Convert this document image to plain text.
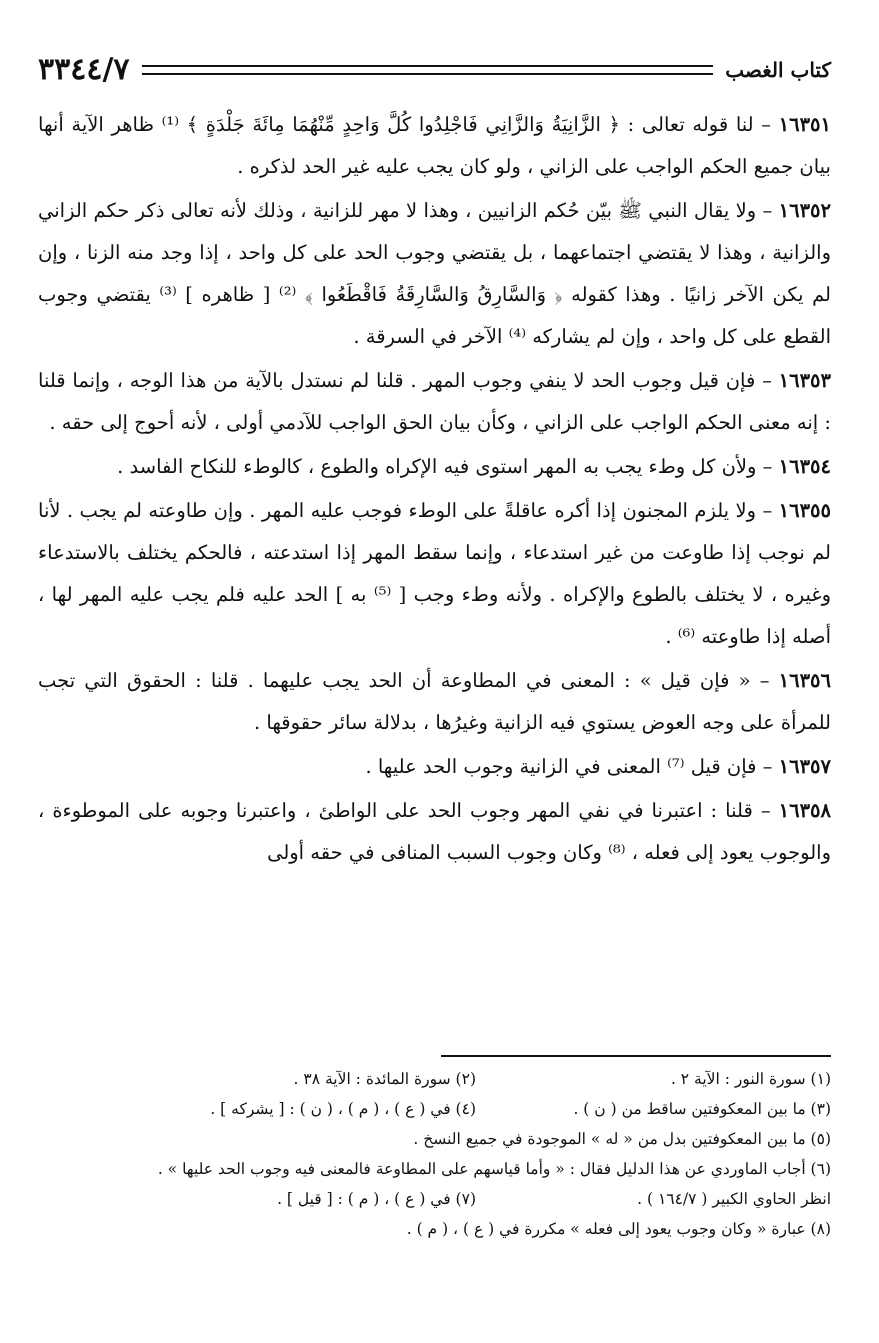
كتاب الغصب
٣٣٤٤/٧

١٦٣٥١ – لنا قوله تعالى : ﴿ الزَّانِيَةُ وَالزَّانِي فَاجْلِدُوا كُلَّ وَاحِدٍ مِّنْهُمَا مِائَةَ جَلْدَةٍ ﴾ ⁽¹⁾ ظاهر الآية أنها بيان جميع الحكم الواجب على الزاني ، ولو كان يجب عليه غير الحد لذكره .

١٦٣٥٢ – ولا يقال النبي ﷺ بيّن حُكم الزانيين ، وهذا لا مهر للزانية ، وذلك لأنه تعالى ذكر حكم الزاني والزانية ، وهذا لا يقتضي اجتماعهما ، بل يقتضي وجوب الحد على كل واحد ، إذا وجد منه الزنا ، وإن لم يكن الآخر زانيًا . وهذا كقوله ﴿ وَالسَّارِقُ وَالسَّارِقَةُ فَاقْطَعُوا ﴾ ⁽²⁾ [ ظاهره ] ⁽³⁾ يقتضي وجوب القطع على كل واحد ، وإن لم يشاركه ⁽⁴⁾ الآخر في السرقة .

١٦٣٥٣ – فإن قيل وجوب الحد لا ينفي وجوب المهر . قلنا لم نستدل بالآية من هذا الوجه ، وإنما قلنا : إنه معنى الحكم الواجب على الزاني ، وكأن بيان الحق الواجب للآدمي أولى ، لأنه أحوج إلى حقه .

١٦٣٥٤ – ولأن كل وطء يجب به المهر استوى فيه الإكراه والطوع ، كالوطء للنكاح الفاسد .

١٦٣٥٥ – ولا يلزم المجنون إذا أكره عاقلةً على الوطء فوجب عليه المهر . وإن طاوعته لم يجب . لأنا لم نوجب إذا طاوعت من غير استدعاء ، وإنما سقط المهر إذا استدعته ، فالحكم يختلف بالاستدعاء وغيره ، لا يختلف بالطوع والإكراه . ولأنه وطء وجب [ ⁽⁵⁾ به ] الحد عليه فلم يجب عليه المهر لها ، أصله إذا طاوعته ⁽⁶⁾ .

١٦٣٥٦ – « فإن قيل » : المعنى في المطاوعة أن الحد يجب عليهما . قلنا : الحقوق التي تجب للمرأة على وجه العوض يستوي فيه الزانية وغيرُها ، بدلالة سائر حقوقها .

١٦٣٥٧ – فإن قيل ⁽⁷⁾ المعنى في الزانية وجوب الحد عليها .

١٦٣٥٨ – قلنا : اعتبرنا في نفي المهر وجوب الحد على الواطئ ، واعتبرنا وجوبه على الموطوءة ، والوجوب يعود إلى فعله ، ⁽⁸⁾ وكان وجوب السبب المنافى في حقه أولى

(١) سورة النور : الآية ٢ .
(٢) سورة المائدة : الآية ٣٨ .
(٣) ما بين المعكوفتين ساقط من ( ن ) .
(٤) في ( ع ) ، ( م ) ، ( ن ) : [ يشركه ] .
(٥) ما بين المعكوفتين بدل من « له » الموجودة في جميع النسخ .
(٦) أجاب الماوردي عن هذا الدليل فقال : « وأما قياسهم على المطاوعة فالمعنى فيه وجوب الحد عليها » .
انظر الحاوي الكبير ( ١٦٤/٧ ) .
(٧) في ( ع ) ، ( م ) : [ قيل ] .
(٨) عبارة « وكان وجوب يعود إلى فعله » مكررة في ( ع ) ، ( م ) .
